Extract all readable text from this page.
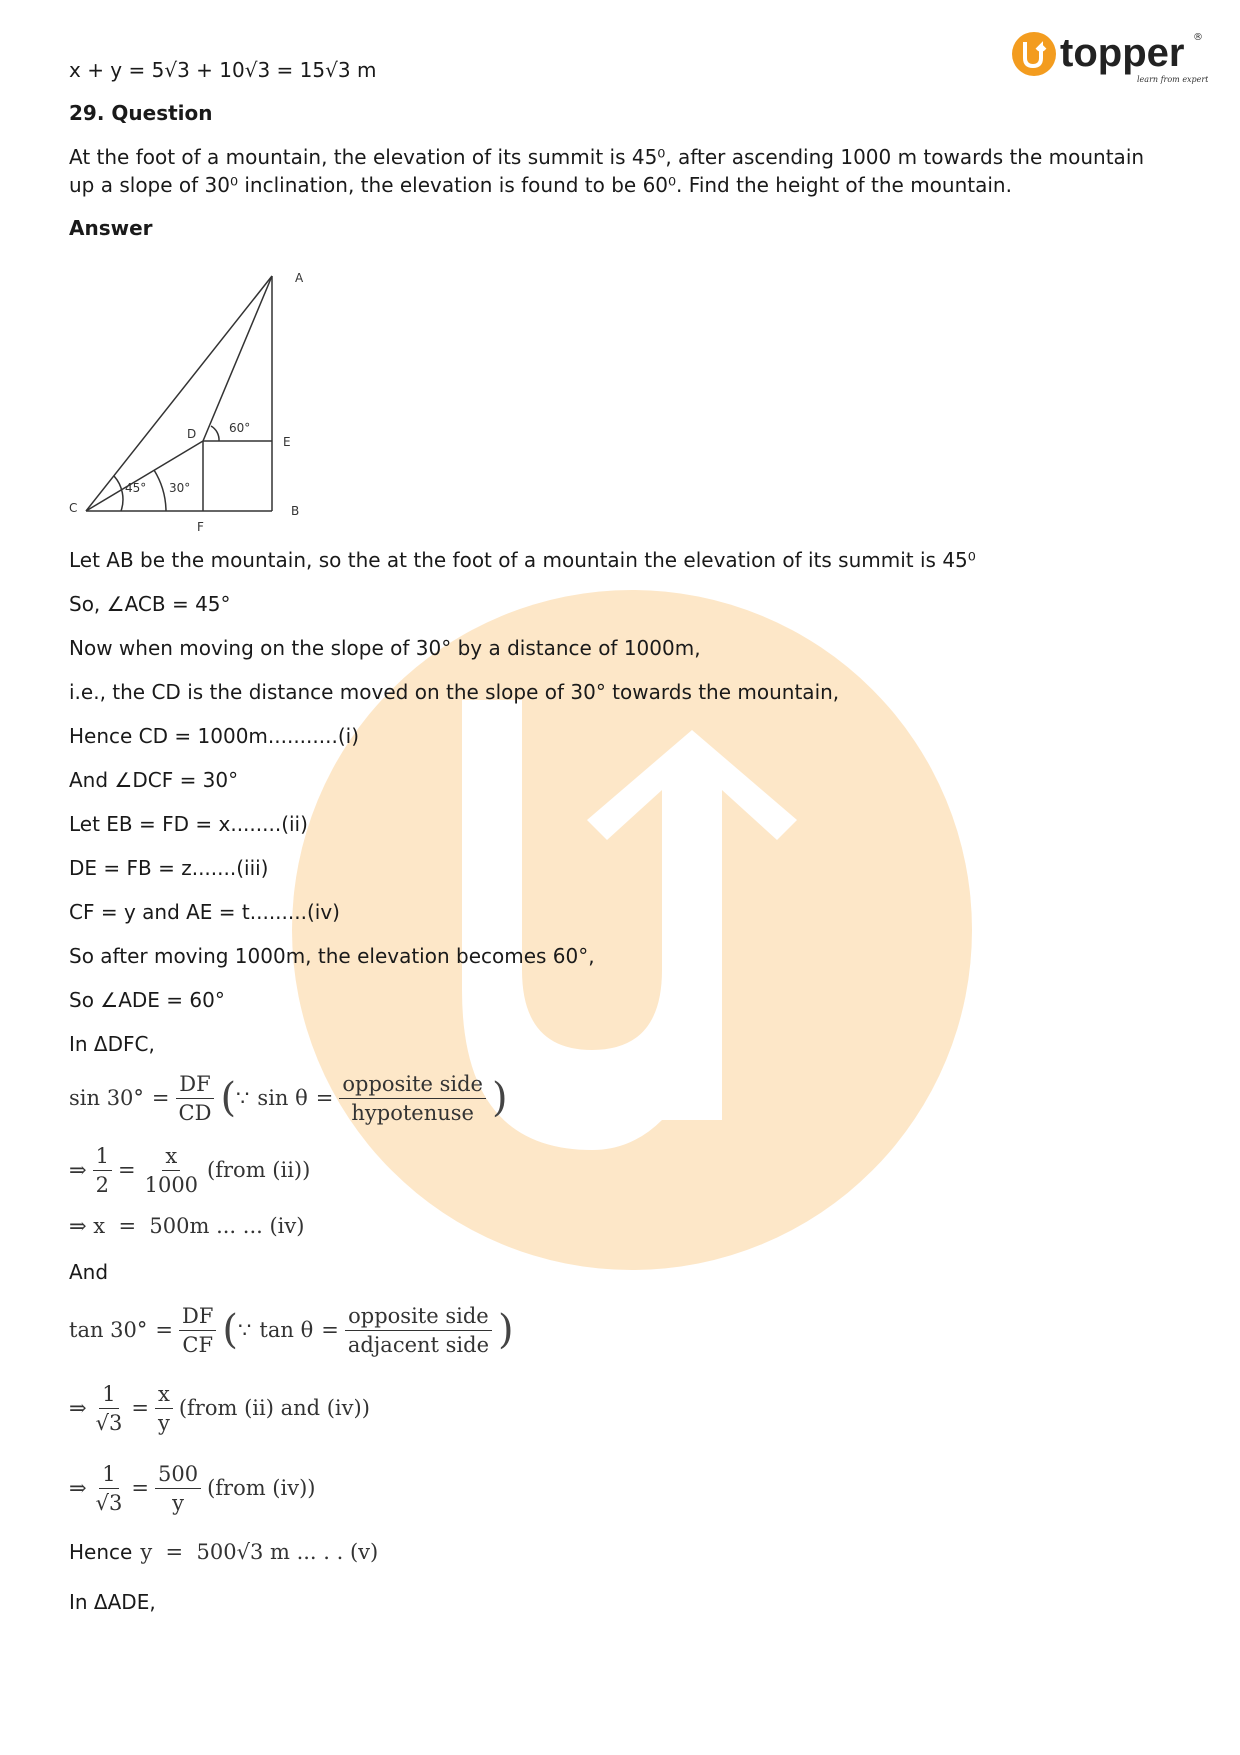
topper
learn from experts
®
x + y = 5√3 + 10√3 = 15√3 m
29. Question
At the foot of a mountain, the elevation of its summit is 45⁰, after ascending 1000 m towards the mountain
up a slope of 30⁰ inclination, the elevation is found to be 60⁰. Find the height of the mountain.
Answer
A
B
C
D
E
F
45° 30°
60°
Let AB be the mountain, so the at the foot of a mountain the elevation of its summit is 45⁰
So, ∠ACB = 45°
Now when moving on the slope of 30° by a distance of 1000m,
i.e., the CD is the distance moved on the slope of 30° towards the mountain,
Hence CD = 1000m...........(i)
And ∠DCF = 30°
Let EB = FD = x........(ii)
DE = FB = z.......(iii)
CF = y and AE = t.........(iv)
So after moving 1000m, the elevation becomes 60°,
So ∠ADE = 60°
In ΔDFC,
$\sin 30^\circ = \frac{DF}{CD}$ ( ∵ $\sin \theta = \frac{\text{opposite side}}{\text{hypotenuse}}$ )
⇒ $\frac{1}{2} = \frac{x}{1000}$ (from (ii))
⇒ x  =  500m ... ... (iv)
And
$\tan 30^\circ = \frac{DF}{CF}$ ( ∵ $\tan \theta = \frac{\text{opposite side}}{\text{adjacent side}}$ )
⇒ $\frac{1}{√3} = \frac{x}{y}$ (from (ii) and (iv))
⇒ $\frac{1}{√3} = \frac{500}{y}$ (from (iv))
Hence y  =  500√3 m ... . . (v)
In ΔADE,
